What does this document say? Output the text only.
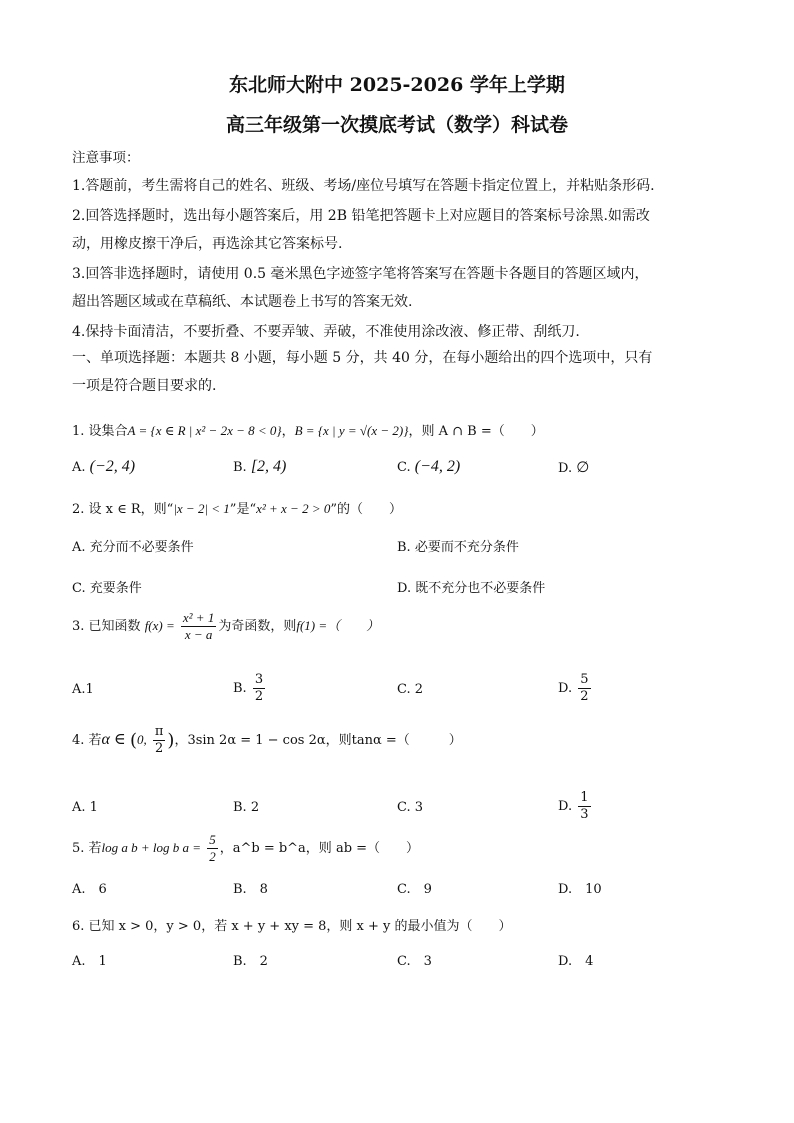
东北师大附中 2025-2026 学年上学期
高三年级第一次摸底考试（数学）科试卷
注意事项：
1.答题前，考生需将自己的姓名、班级、考场/座位号填写在答题卡指定位置上，并粘贴条形码.
2.回答选择题时，选出每小题答案后，用 2B 铅笔把答题卡上对应题目的答案标号涂黑.如需改
动，用橡皮擦干净后，再选涂其它答案标号.
3.回答非选择题时，请使用 0.5 毫米黑色字迹签字笔将答案写在答题卡各题目的答题区域内，
超出答题区域或在草稿纸、本试题卷上书写的答案无效.
4.保持卡面清洁，不要折叠、不要弄皱、弄破，不准使用涂改液、修正带、刮纸刀.
一、单项选择题：本题共 8 小题，每小题 5 分，共 40 分，在每小题给出的四个选项中，只有
一项是符合题目要求的.
1. 设集合A = {x ∈ R | x² − 2x − 8 < 0}，B = {x | y = √(x − 2)}，则 A ∩ B =（　　）
A. (−2, 4)	B. [2, 4)	C. (−4, 2)	D. ∅
2. 设 x ∈ R，则“|x − 2| < 1”是“x² + x − 2 > 0”的（　　）
A. 充分而不必要条件	B. 必要而不充分条件
C. 充要条件	D. 既不充分也不必要条件
3. 已知函数 $f(x) = \frac{\text{x² + 1}}{x - a}$ 为奇函数，则f(1) =（　　）
A.1	B. $\frac{3}{2}$	C. 2	D. $\frac{5}{2}$
4. 若α ∈ (0, $\frac{\pi}{2}$ )，3sin 2α = 1 − cos 2α，则tanα =（　　　）
A. 1	B. 2	C. 3	D. $\frac{1}{3}$
5. 若log a b + log b $a = \frac{5}{2}$ ，a^b = b^a，则 ab =（　　）
A.　6	B.　8	C.　9	D.　10
6. 已知 x > 0，y > 0，若 x + y + xy = 8，则 x + y 的最小值为（　　）
A.　1	B.　2	C.　3	D.　4
